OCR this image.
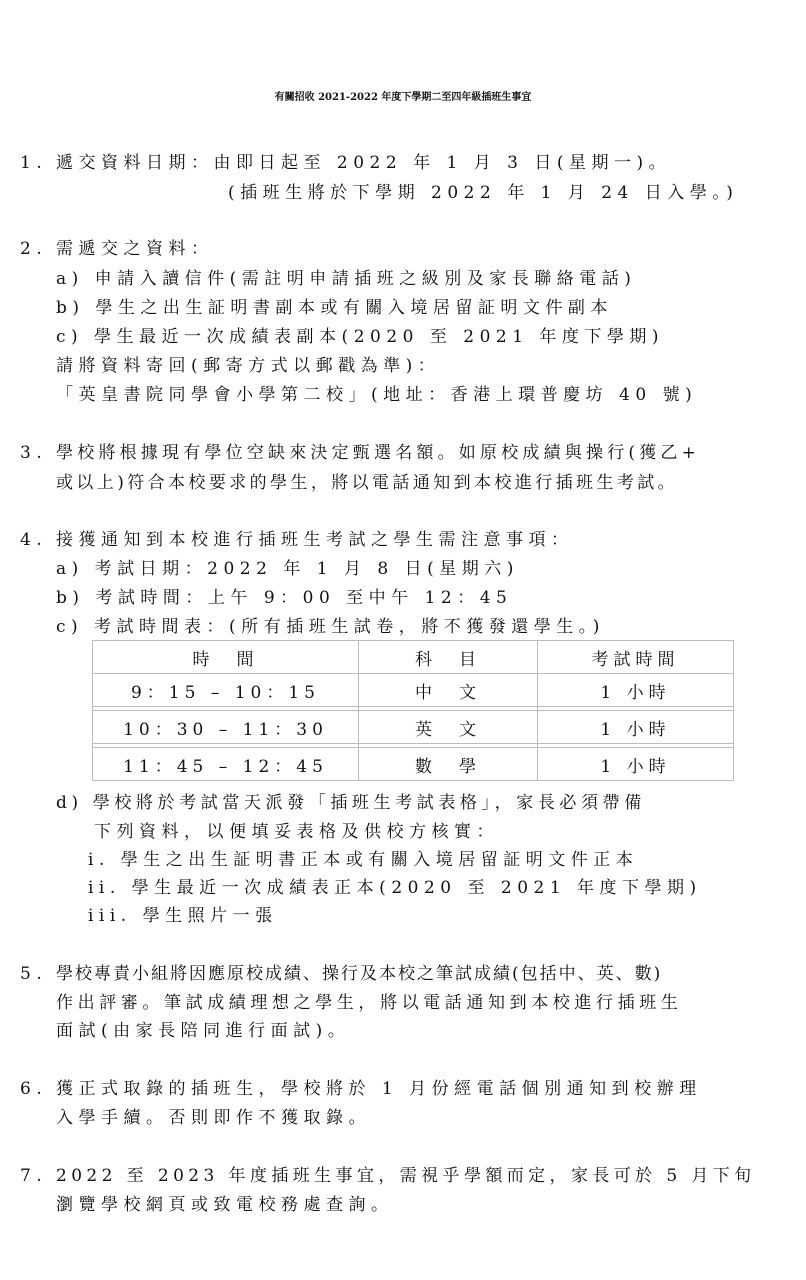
有關招收 2021-2022 年度下學期二至四年級插班生事宜
1. 遞交資料日期：由即日起至 2022 年 1 月 3 日(星期一)。
(插班生將於下學期 2022 年 1 月 24 日入學。)
2. 需遞交之資料：
a) 申請入讀信件(需註明申請插班之級別及家長聯絡電話)
b) 學生之出生証明書副本或有關入境居留証明文件副本
c) 學生最近一次成績表副本(2020 至 2021 年度下學期)
請將資料寄回(郵寄方式以郵戳為準)：
「英皇書院同學會小學第二校」(地址：香港上環普慶坊 40 號)
3. 學校將根據現有學位空缺來決定甄選名額。如原校成績與操行(獲乙+
或以上)符合本校要求的學生，將以電話通知到本校進行插班生考試。
4. 接獲通知到本校進行插班生考試之學生需注意事項：
a) 考試日期：2022 年 1 月 8 日(星期六)
b) 考試時間：上午 9：00 至中午 12：45
c) 考試時間表：(所有插班生試卷，將不獲發還學生。)
時　間	科　目	考試時間
9：15 – 10：15	中　文	1 小時

10：30 – 11：30	英　文	1 小時

11：45 – 12：45	數　學	1 小時
d) 學校將於考試當天派發「插班生考試表格」，家長必須帶備
下列資料，以便填妥表格及供校方核實：
i. 學生之出生証明書正本或有關入境居留証明文件正本
ii. 學生最近一次成績表正本(2020 至 2021 年度下學期)
iii. 學生照片一張
5. 學校專責小組將因應原校成績、操行及本校之筆試成績(包括中、英、數)
作出評審。筆試成績理想之學生，將以電話通知到本校進行插班生
面試(由家長陪同進行面試)。
6. 獲正式取錄的插班生，學校將於 1 月份經電話個別通知到校辦理
入學手續。否則即作不獲取錄。
7. 2022 至 2023 年度插班生事宜，需視乎學額而定，家長可於 5 月下旬
瀏覽學校網頁或致電校務處查詢。
